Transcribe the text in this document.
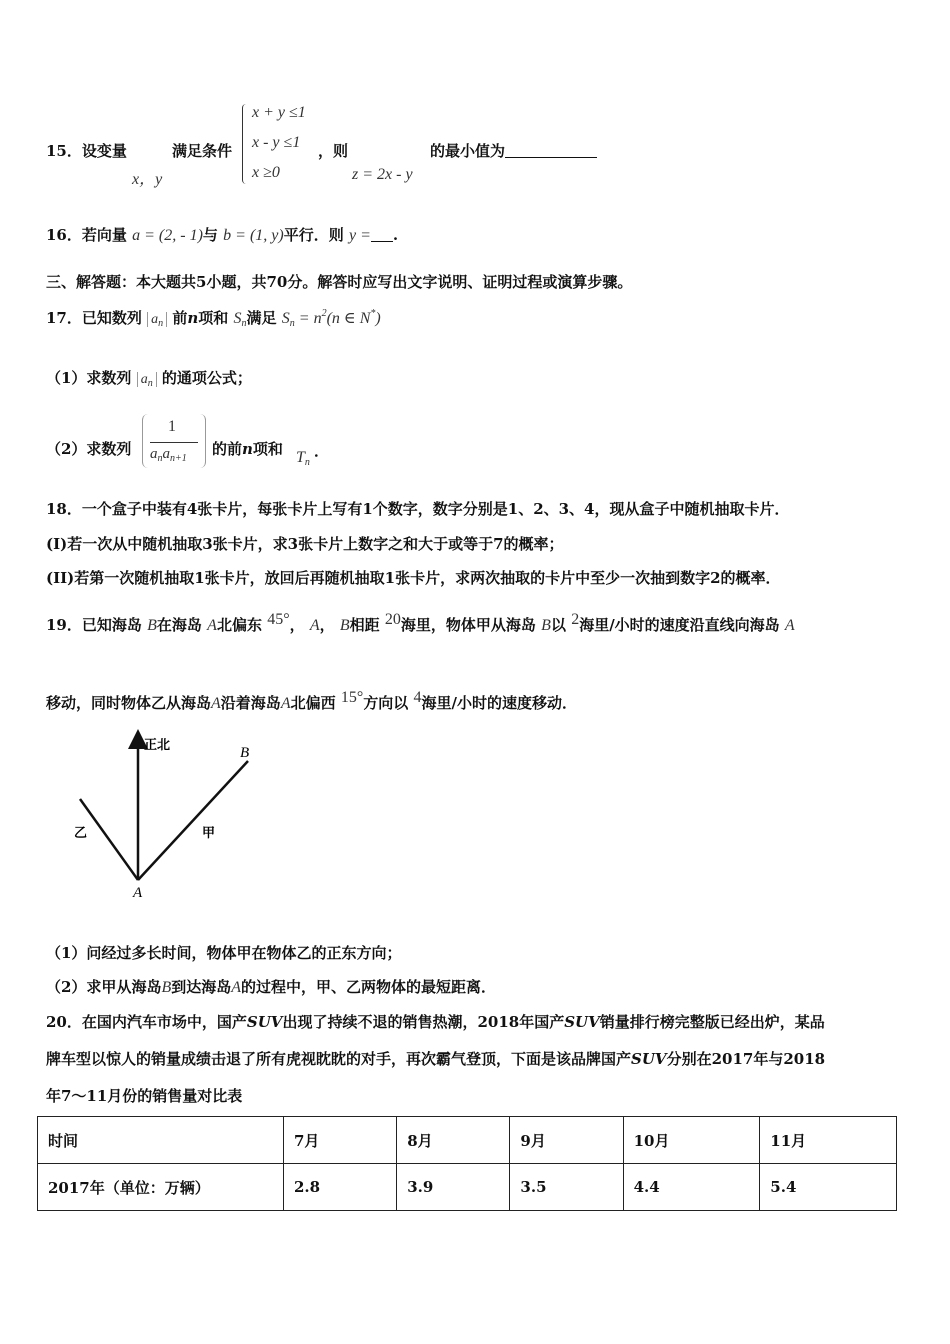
15．设变量
x，y
满足条件
x + y ≤1
x - y ≤1
x ≥0
，则
z = 2x - y
的最小值为
16．若向量 a = (2, - 1)与 b = (1, y)平行．则 y = .
三、解答题：本大题共5小题，共70分。解答时应写出文字说明、证明过程或演算步骤。
17．已知数列 $a_n$ 前n项和 $S_n$满足 $S_n = n^2(n$ ∈ N*)
（1）求数列 $a_n$ 的通项公式；
（2）求数列
1
$a_na_{n+1}$
的前n项和 $T_n$
．
18．一个盒子中装有4张卡片，每张卡片上写有1个数字，数字分别是1、2、3、4，现从盒子中随机抽取卡片．
(I)若一次从中随机抽取3张卡片，求3张卡片上数字之和大于或等于7的概率；
(II)若第一次随机抽取1张卡片，放回后再随机抽取1张卡片，求两次抽取的卡片中至少一次抽到数字2的概率．
19．已知海岛 B在海岛 A北偏东 45°， A， B相距 20海里，物体甲从海岛 B以 2海里/小时的速度沿直线向海岛 A
移动，同时物体乙从海岛A沿着海岛A北偏西 15°方向以 4海里/小时的速度移动．
正北	B
乙	甲
A
（1）问经过多长时间，物体甲在物体乙的正东方向；
（2）求甲从海岛B到达海岛A的过程中，甲、乙两物体的最短距离．
20．在国内汽车市场中，国产SUV出现了持续不退的销售热潮，2018年国产SUV销量排行榜完整版已经出炉，某品
牌车型以惊人的销量成绩击退了所有虎视眈眈的对手，再次霸气登顶，下面是该品牌国产SUV分别在2017年与2018
年7～11月份的销售量对比表
时间	7月	8月	9月	10月	11月
2017年（单位：万辆）	2.8	3.9	3.5	4.4	5.4
